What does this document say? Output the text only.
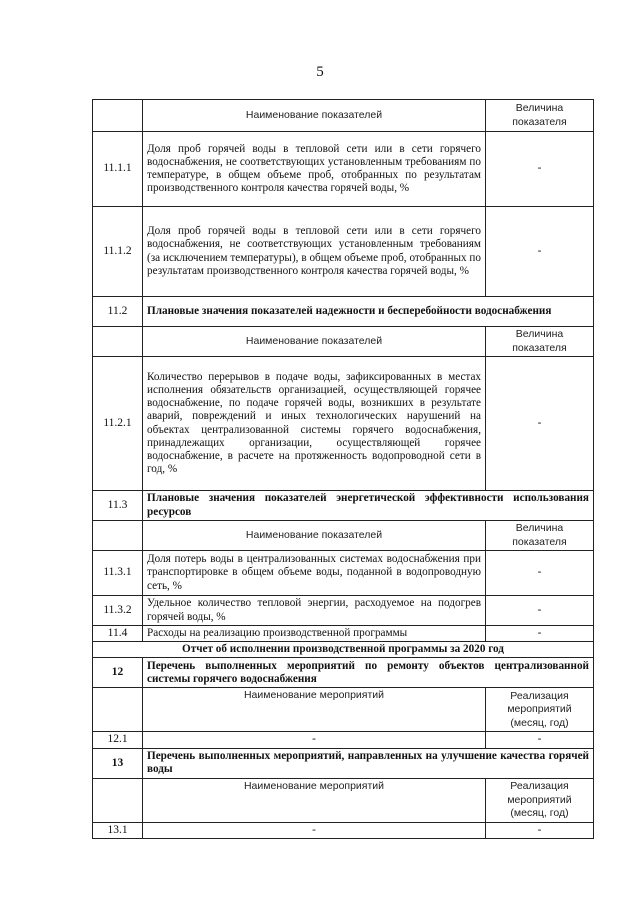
5
	Наименование показателей	Величина показателя
11.1.1	Доля проб горячей воды в тепловой сети или в сети горячего водоснабжения, не соответствующих установленным требованиям по температуре, в общем объеме проб, отобранных по результатам производственного контроля качества горячей воды, %	-
11.1.2	Доля проб горячей воды в тепловой сети или в сети горячего водоснабжения, не соответствующих установленным требованиям (за исключением температуры), в общем объеме проб, отобранных по результатам производственного контроля качества горячей воды, %	-
11.2	Плановые значения показателей надежности и бесперебойности водоснабжения	
	Наименование показателей	Величина показателя
11.2.1	Количество перерывов в подаче воды, зафиксированных в местах исполнения обязательств организацией, осуществляющей горячее водоснабжение, по подаче горячей воды, возникших в результате аварий, повреждений и иных технологических нарушений на объектах централизованной системы горячего водоснабжения, принадлежащих организации, осуществляющей горячее водоснабжение, в расчете на протяженность водопроводной сети в год, %	-
11.3	Плановые значения показателей энергетической эффективности использования ресурсов	
	Наименование показателей	Величина показателя
11.3.1	Доля потерь воды в централизованных системах водоснабжения при транспортировке в общем объеме воды, поданной в водопроводную сеть, %	-
11.3.2	Удельное количество тепловой энергии, расходуемое на подогрев горячей воды, %	-
11.4	Расходы на реализацию производственной программы	-
Отчет об исполнении производственной программы за 2020 год		
12	Перечень выполненных мероприятий по ремонту объектов централизованной системы горячего водоснабжения	
	Наименование мероприятий	Реализация мероприятий (месяц, год)
12.1	-	-
13	Перечень выполненных мероприятий, направленных на улучшение качества горячей воды	
	Наименование мероприятий	Реализация мероприятий (месяц, год)
13.1	-	-
